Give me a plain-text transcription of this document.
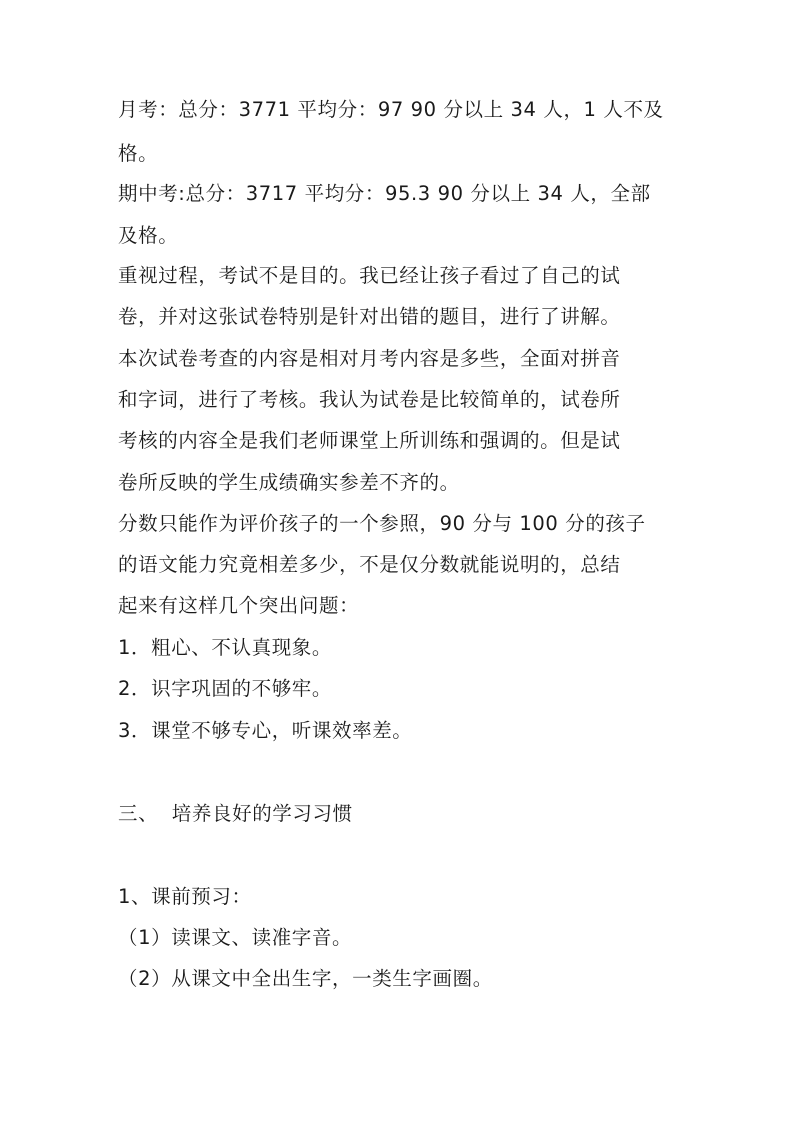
月考：总分：3771 平均分：97 90 分以上 34 人，1 人不及
格。
期中考:总分：3717 平均分：95.3 90 分以上 34 人，全部
及格。
重视过程，考试不是目的。我已经让孩子看过了自己的试
卷，并对这张试卷特别是针对出错的题目，进行了讲解。
本次试卷考查的内容是相对月考内容是多些，全面对拼音
和字词，进行了考核。我认为试卷是比较简单的，试卷所
考核的内容全是我们老师课堂上所训练和强调的。但是试
卷所反映的学生成绩确实参差不齐的。
分数只能作为评价孩子的一个参照，90 分与 100 分的孩子
的语文能力究竟相差多少，不是仅分数就能说明的，总结
起来有这样几个突出问题：
1．粗心、不认真现象。
2．识字巩固的不够牢。
3．课堂不够专心，听课效率差。
三、  培养良好的学习习惯
1、课前预习：
（1）读课文、读准字音。
（2）从课文中全出生字，一类生字画圈。
